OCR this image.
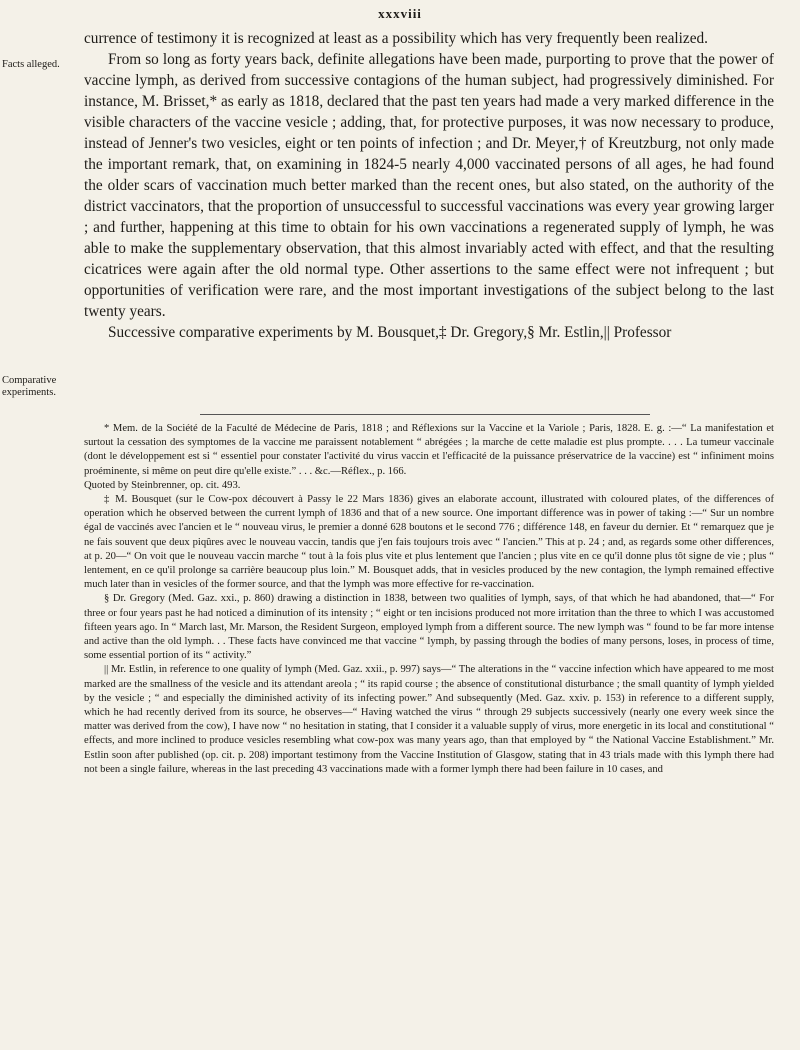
xxxviii
Facts alleged.
Comparative experiments.

currence of testimony it is recognized at least as a possibility which has very frequently been realized.

From so long as forty years back, definite allegations have been made, purporting to prove that the power of vaccine lymph, as derived from successive contagions of the human subject, had progressively diminished. For instance, M. Brisset,* as early as 1818, declared that the past ten years had made a very marked difference in the visible characters of the vaccine vesicle ; adding, that, for protective purposes, it was now necessary to produce, instead of Jenner's two vesicles, eight or ten points of infection ; and Dr. Meyer,† of Kreutzburg, not only made the important remark, that, on examining in 1824-5 nearly 4,000 vaccinated persons of all ages, he had found the older scars of vaccination much better marked than the recent ones, but also stated, on the authority of the district vaccinators, that the proportion of unsuccessful to successful vaccinations was every year growing larger ; and further, happening at this time to obtain for his own vaccinations a regenerated supply of lymph, he was able to make the supplementary observation, that this almost invariably acted with effect, and that the resulting cicatrices were again after the old normal type. Other assertions to the same effect were not infrequent ; but opportunities of verification were rare, and the most important investigations of the subject belong to the last twenty years.

Successive comparative experiments by M. Bousquet,‡ Dr. Gregory,§ Mr. Estlin,|| Professor

* Mem. de la Société de la Faculté de Médecine de Paris, 1818 ; and Réflexions sur la Vaccine et la Variole ; Paris, 1828. E. g. :—“ La manifestation et surtout la cessation des symptomes de la vaccine me paraissent notablement “ abrégées ; la marche de cette maladie est plus prompte. . . . La tumeur vaccinale (dont le développement est si “ essentiel pour constater l'activité du virus vaccin et l'efficacité de la puissance préservatrice de la vaccine) est “ infiniment moins proéminente, si même on peut dire qu'elle existe.” . . . &c.—Réflex., p. 166.

Quoted by Steinbrenner, op. cit. 493.

‡ M. Bousquet (sur le Cow-pox découvert à Passy le 22 Mars 1836) gives an elaborate account, illustrated with coloured plates, of the differences of operation which he observed between the current lymph of 1836 and that of a new source. One important difference was in power of taking :—“ Sur un nombre égal de vaccinés avec l'ancien et le “ nouveau virus, le premier a donné 628 boutons et le second 776 ; différence 148, en faveur du dernier. Et “ remarquez que je ne fais souvent que deux piqûres avec le nouveau vaccin, tandis que j'en fais toujours trois avec “ l'ancien.” This at p. 24 ; and, as regards some other differences, at p. 20—“ On voit que le nouveau vaccin marche “ tout à la fois plus vite et plus lentement que l'ancien ; plus vite en ce qu'il donne plus tôt signe de vie ; plus “ lentement, en ce qu'il prolonge sa carrière beaucoup plus loin.” M. Bousquet adds, that in vesicles produced by the new contagion, the lymph remained effective much later than in vesicles of the former source, and that the lymph was more effective for re-vaccination.

§ Dr. Gregory (Med. Gaz. xxi., p. 860) drawing a distinction in 1838, between two qualities of lymph, says, of that which he had abandoned, that—“ For three or four years past he had noticed a diminution of its intensity ; “ eight or ten incisions produced not more irritation than the three to which I was accustomed fifteen years ago. In “ March last, Mr. Marson, the Resident Surgeon, employed lymph from a different source. The new lymph was “ found to be far more intense and active than the old lymph. . . These facts have convinced me that vaccine “ lymph, by passing through the bodies of many persons, loses, in process of time, some essential portion of its “ activity.”

|| Mr. Estlin, in reference to one quality of lymph (Med. Gaz. xxii., p. 997) says—“ The alterations in the “ vaccine infection which have appeared to me most marked are the smallness of the vesicle and its attendant areola ; “ its rapid course ; the absence of constitutional disturbance ; the small quantity of lymph yielded by the vesicle ; “ and especially the diminished activity of its infecting power.” And subsequently (Med. Gaz. xxiv. p. 153) in reference to a different supply, which he had recently derived from its source, he observes—“ Having watched the virus “ through 29 subjects successively (nearly one every week since the matter was derived from the cow), I have now “ no hesitation in stating, that I consider it a valuable supply of virus, more energetic in its local and constitutional “ effects, and more inclined to produce vesicles resembling what cow-pox was many years ago, than that employed by “ the National Vaccine Establishment.” Mr. Estlin soon after published (op. cit. p. 208) important testimony from the Vaccine Institution of Glasgow, stating that in 43 trials made with this lymph there had not been a single failure, whereas in the last preceding 43 vaccinations made with a former lymph there had been failure in 10 cases, and
